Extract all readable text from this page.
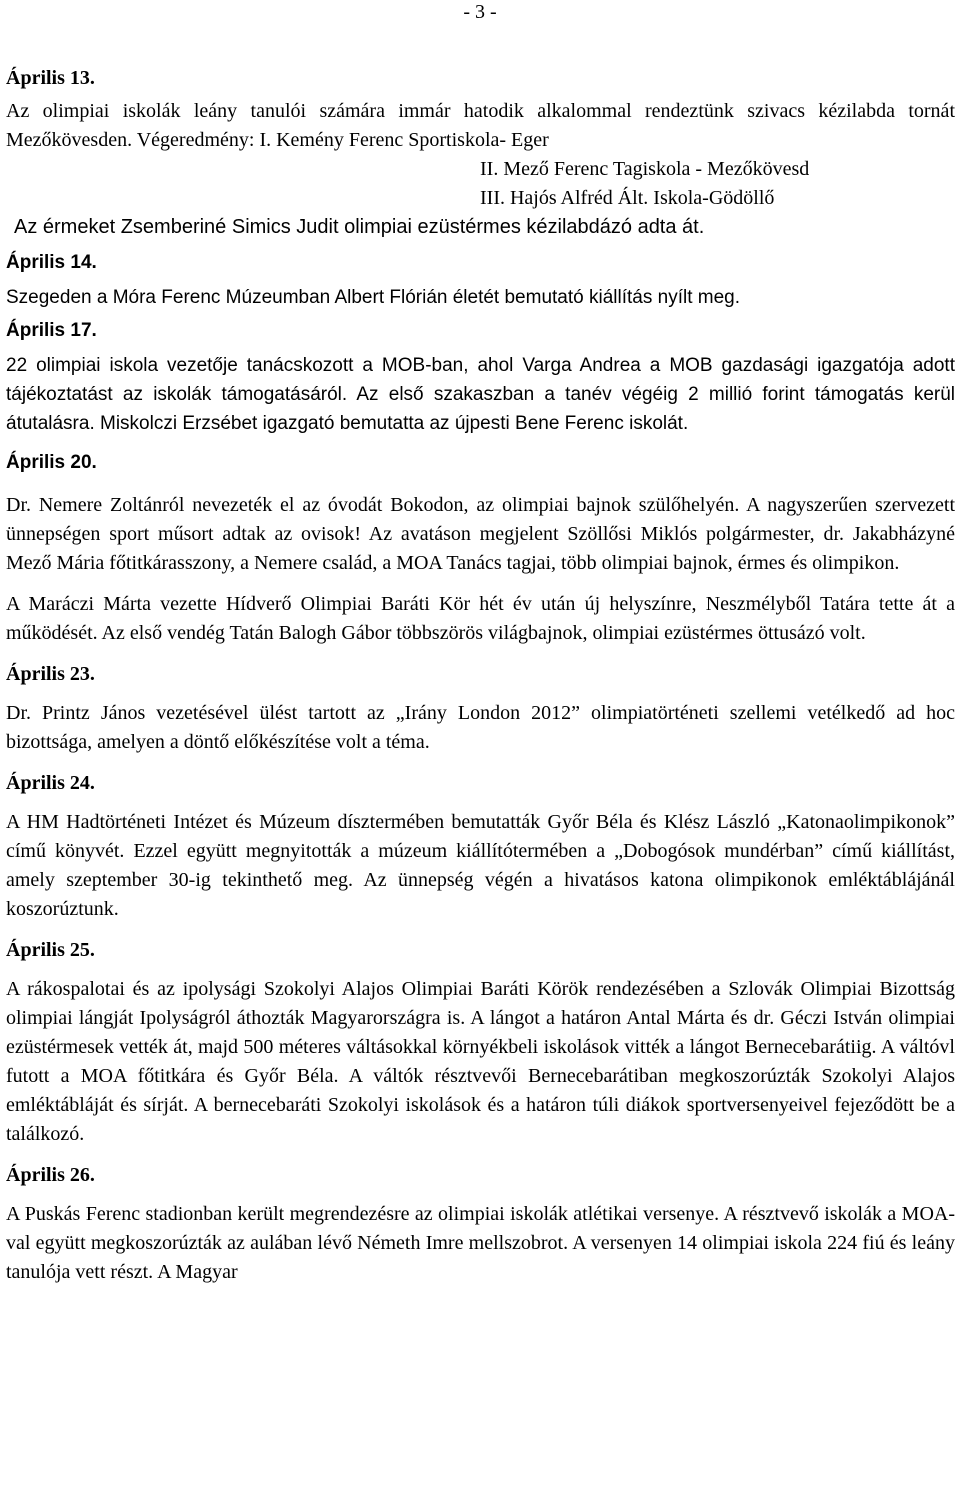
- 3 -

Április 13.

Az olimpiai iskolák leány tanulói számára immár hatodik alkalommal rendeztünk szivacs kézilabda tornát Mezőkövesden. Végeredmény: I. Kemény Ferenc Sportiskola- Eger

II. Mező Ferenc Tagiskola - Mezőkövesd

III. Hajós Alfréd Ált. Iskola-Gödöllő

Az érmeket Zsemberiné Simics Judit olimpiai ezüstérmes kézilabdázó adta át.

Április 14.

Szegeden a Móra Ferenc Múzeumban Albert Flórián életét bemutató kiállítás nyílt meg.

Április 17.

22 olimpiai iskola vezetője tanácskozott a MOB-ban, ahol Varga Andrea a MOB gazdasági igazgatója adott tájékoztatást az iskolák támogatásáról. Az első szakaszban a tanév végéig 2 millió forint támogatás kerül átutalásra. Miskolczi Erzsébet igazgató bemutatta az újpesti Bene Ferenc iskolát.

Április 20.

Dr. Nemere Zoltánról nevezeték el az óvodát Bokodon, az olimpiai bajnok szülőhelyén. A nagyszerűen szervezett ünnepségen sport műsort adtak az ovisok! Az avatáson megjelent Szöllősi Miklós polgármester, dr. Jakabházyné Mező Mária főtitkárasszony, a Nemere család, a MOA Tanács tagjai, több olimpiai bajnok, érmes és olimpikon.

A Maráczi Márta vezette Hídverő Olimpiai Baráti Kör hét év után új helyszínre, Neszmélyből Tatára tette át a működését. Az első vendég Tatán Balogh Gábor többszörös világbajnok, olimpiai ezüstérmes öttusázó volt.

Április 23.

Dr. Printz János vezetésével ülést tartott az „Irány London 2012” olimpiatörténeti szellemi vetélkedő ad hoc bizottsága, amelyen a döntő előkészítése volt a téma.

Április 24.

A HM Hadtörténeti Intézet és Múzeum dísztermében bemutatták Győr Béla és Klész László „Katonaolimpikonok” című könyvét. Ezzel együtt megnyitották a múzeum kiállítótermében a „Dobogósok mundérban” című kiállítást, amely szeptember 30-ig tekinthető meg. Az ünnepség végén a hivatásos katona olimpikonok emléktáblájánál koszorúztunk.

Április 25.

A rákospalotai és az ipolysági Szokolyi Alajos Olimpiai Baráti Körök rendezésében a Szlovák Olimpiai Bizottság olimpiai lángját Ipolyságról áthozták Magyarországra is. A lángot a határon Antal Márta és dr. Géczi István olimpiai ezüstérmesek vették át, majd 500 méteres váltásokkal környékbeli iskolások vitték a lángot Bernecebarátiig. A váltóvl futott a MOA főtitkára és Győr Béla. A váltók résztvevői Bernecebarátiban megkoszorúzták Szokolyi Alajos emléktábláját és sírját. A bernecebaráti Szokolyi iskolások és a határon túli diákok sportversenyeivel fejeződött be a találkozó.

Április 26.

A Puskás Ferenc stadionban került megrendezésre az olimpiai iskolák atlétikai versenye. A résztvevő iskolák a MOA-val együtt megkoszorúzták az aulában lévő Németh Imre mellszobrot. A versenyen 14 olimpiai iskola 224 fiú és leány tanulója vett részt. A Magyar
